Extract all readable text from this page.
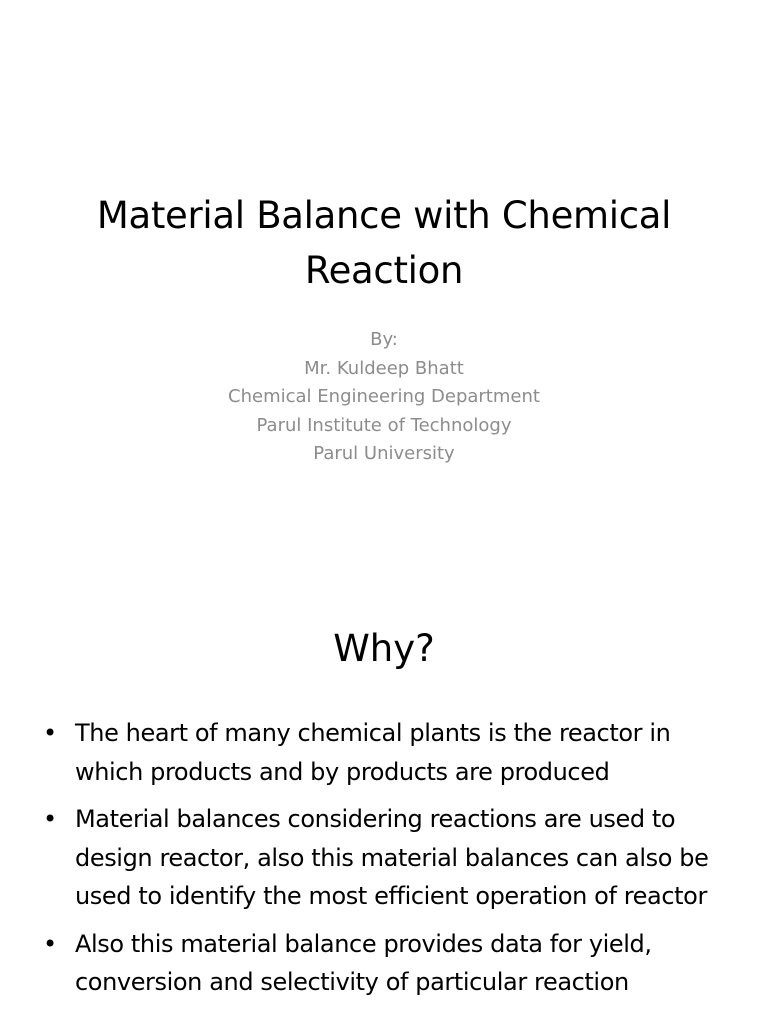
Material Balance with Chemical Reaction
By:
Mr. Kuldeep Bhatt
Chemical Engineering Department
Parul Institute of Technology
Parul University
Why?
• The heart of many chemical plants is the reactor in which products and by products are produced
• Material balances considering reactions are used to design reactor, also this material balances can also be used to identify the most efficient operation of reactor
• Also this material balance provides data for yield, conversion and selectivity of particular reaction
